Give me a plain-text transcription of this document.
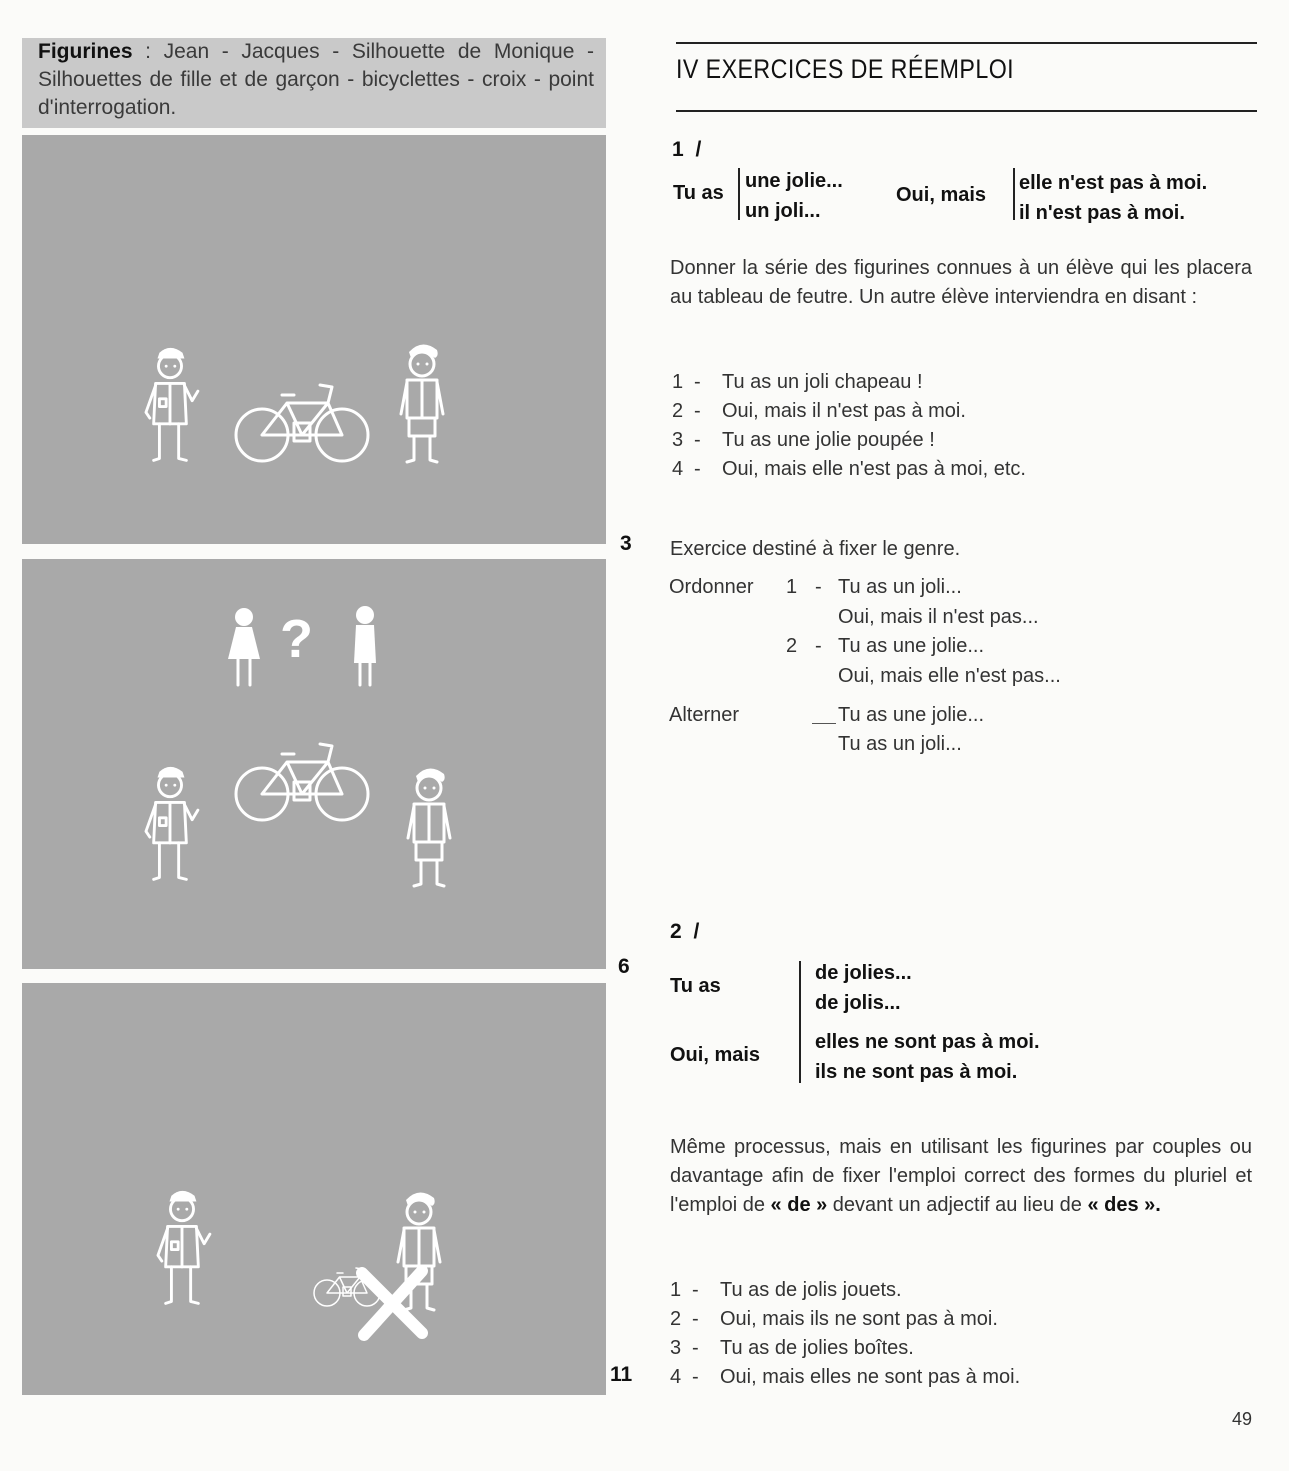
Figurines : Jean - Jacques - Silhouette de Monique - Silhouettes de fille et de garçon - bicyclettes - croix - point d'interrogation.
?
3
6
11
IV EXERCICES DE RÉEMPLOI
1 /
Tu as
une jolie...
un joli...
Oui, mais
elle n'est pas à moi.
il n'est pas à moi.
Donner la série des figurines connues à un élève qui les placera au tableau de feutre. Un autre élève interviendra en disant :
1 - Tu as un joli chapeau !
2 - Oui, mais il n'est pas à moi.
3 - Tu as une jolie poupée !
4 - Oui, mais elle n'est pas à moi, etc.
Exercice destiné à fixer le genre.
Ordonner 1 - Tu as un joli...
Oui, mais il n'est pas...
2 - Tu as une jolie...
Oui, mais elle n'est pas...
Alterner	Tu as une jolie...
Tu as un joli...
2 /
Tu as
Oui, mais
de jolies...
de jolis...
elles ne sont pas à moi.
ils ne sont pas à moi.
Même processus, mais en utilisant les figurines par couples ou davantage afin de fixer l'emploi correct des formes du pluriel et l'emploi de « de » devant un adjectif au lieu de « des ».
1 - Tu as de jolis jouets.
2 - Oui, mais ils ne sont pas à moi.
3 - Tu as de jolies boîtes.
4 - Oui, mais elles ne sont pas à moi.
49
